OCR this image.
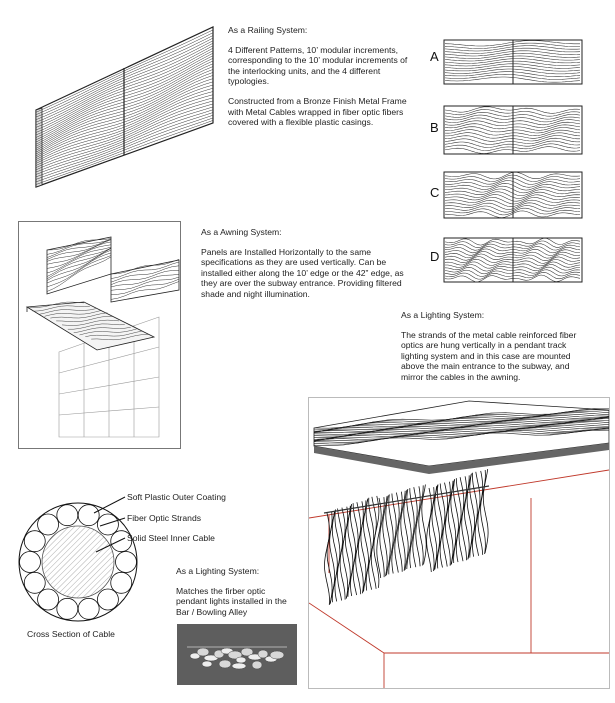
As a Railing System:

4 Different Patterns, 10’ modular increments, corresponding to the 10’ modular increments of the interlocking units, and the 4 different typologies.

Constructed from a Bronze Finish Metal Frame with Metal Cables wrapped in fiber optic fibers covered with a flexible plastic casings.

A
B
C
D

As a Awning System:

Panels are Installed Horizontally to the same specifications as they are used vertically. Can be installed either along the 10’ edge or the 42” edge, as they are over the subway entrance. Providing filtered shade and night illumination.

As a Lighting System:

The strands of the metal cable reinforced fiber optics are hung vertically in a pendant track lighting system and in this case are mounted above the main entrance to the subway, and mirror the cables in the awning.

Soft Plastic Outer Coating
Fiber Optic Strands
Solid Steel Inner Cable
Cross Section of Cable

As a Lighting System:

Matches the firber optic pendant lights installed in the Bar / Bowling Alley
